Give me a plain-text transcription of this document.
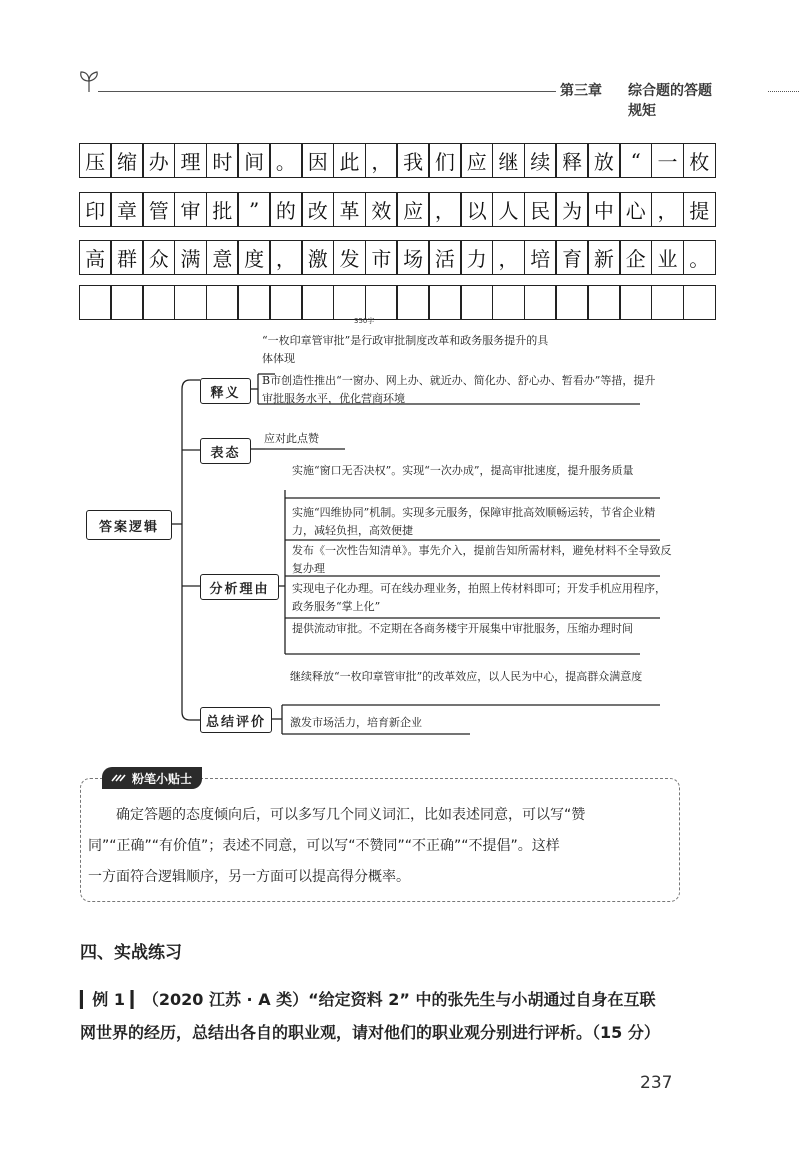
第三章 综合题的答题规矩
压 缩 办 理 时 间 。 因 此 ， 我 们 应 继 续 释 放 “ 一 枚
印 章 管 审 批 ” 的 改 革 效 应 ， 以 人 民 为 中 心 ， 提
高 群 众 满 意 度 ， 激 发 市 场 活 力 ， 培 育 新 企 业 。
350字
答案逻辑
释义
表态
分析理由
总结评价
“一枚印章管审批”是行政审批制度改革和政务服务提升的具体体现
B市创造性推出“一窗办、网上办、就近办、简化办、舒心办、暂看办”等措，提升审批服务水平，优化营商环境
应对此点赞
实施“窗口无否决权”。实现“一次办成”，提高审批速度，提升服务质量
实施“四维协同”机制。实现多元服务，保障审批高效顺畅运转，节省企业精力，减轻负担，高效便捷
发布《一次性告知清单》。事先介入，提前告知所需材料，避免材料不全导致反复办理
实现电子化办理。可在线办理业务，拍照上传材料即可；开发手机应用程序，政务服务“掌上化”
提供流动审批。不定期在各商务楼宇开展集中审批服务，压缩办理时间
继续释放“一枚印章管审批”的改革效应，以人民为中心，提高群众满意度
激发市场活力，培育新企业
粉笔小贴士
确定答题的态度倾向后，可以多写几个同义词汇，比如表述同意，可以写“赞
同”“正确”“有价值”；表述不同意，可以写“不赞同”“不正确”“不提倡”。这样
一方面符合逻辑顺序，另一方面可以提高得分概率。
四、实战练习
▎例 1 ▎（2020 江苏 · A 类）“给定资料 2” 中的张先生与小胡通过自身在互联
网世界的经历，总结出各自的职业观，请对他们的职业观分别进行评析。（15 分）
237
